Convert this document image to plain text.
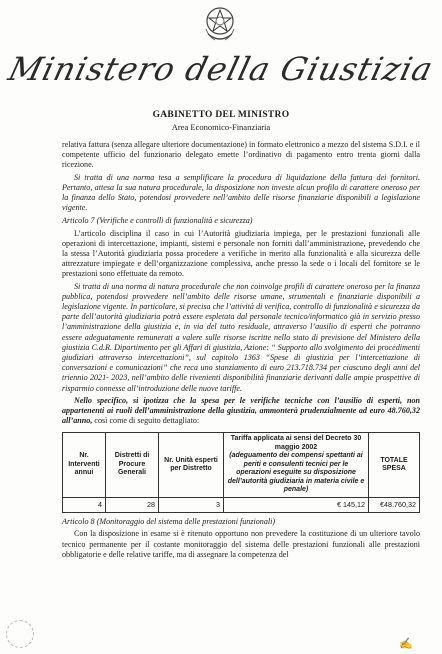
Ministero della Giustizia
GABINETTO DEL MINISTRO
Area Economico-Finanziaria

relativa fattura (senza allegare ulteriore documentazione) in formato elettronico a mezzo del sistema S.D.I. e il competente ufficio del funzionario delegato emette l’ordinativo di pagamento entro trenta giorni dalla ricezione.

Si tratta di una norma tesa a semplificare la procedura di liquidazione della fattura dei fornitori. Pertanto, attesa la sua natura procedurale, la disposizione non investe alcun profilo di carattere oneroso per la finanza dello Stato, potendosi provvedere nell’ambito delle risorse finanziarie disponibili a legislazione vigente.

Articolo 7 (Verifiche e controlli di funzionalità e sicurezza)

L’articolo disciplina il caso in cui l’Autorità giudiziaria impiega, per le prestazioni funzionali alle operazioni di intercettazione, impianti, sistemi e personale non forniti dall’amministrazione, prevedendo che la stessa l’Autorità giudiziaria possa procedere a verifiche in merito alla funzionalità e alla sicurezza delle attrezzature impiegate e dell’organizzazione complessiva, anche presso la sede o i locali del fornitore se le prestazioni sono effettuate da remoto.

Si tratta di una norma di natura procedurale che non coinvolge profili di carattere oneroso per la finanza pubblica, potendosi provvedere nell’ambito delle risorse umane, strumentali e finanziarie disponibili a legislazione vigente. In particolare, si precisa che l’attività di verifica, controllo di funzionalità e sicurezza da parte dell’autorità giudiziaria potrà essere espletata dal personale tecnico/informatico già in servizio presso l’amministrazione della giustizia e, in via del tutto residuale, attraverso l’ausilio di esperti che potranno essere adeguatamente remunerati a valere sulle risorse iscritte nello stato di previsione del Ministero della giustizia C.d.R. Dipartimento per gli Affari di giustizia, Azione: “ Supporto allo svolgimento dei procedimenti giudiziari attraverso intercettazioni”, sul capitolo 1363 “Spese di giustizia per l’intercettazione di conversazioni e comunicazioni” che reca uno stanziamento di euro 213.718.734 per ciascuno degli anni del triennio 2021- 2023, nell’ambito delle rivenienti disponibilità finanziarie derivanti dalle ampie prospettive di risparmio connesse all’introduzione delle nuove tariffe.

Nello specifico, si ipotizza che la spesa per le verifiche tecniche con l’ausilio di esperti, non appartenenti ai ruoli dell’amministrazione della giustizia, ammonterà prudenzialmente ad euro 48.760,32 all’anno, così come di seguito dettagliato:

Nr. Interventi annui	Distretti di Procure Generali	Nr. Unità esperti per Distretto	Tariffa applicata ai sensi del Decreto 30 maggio 2002
(adeguamento dei compensi spettanti ai periti e consulenti tecnici per le operazioni eseguite su disposizione dell’autorità giudiziaria in materia civile e penale)	TOTALE SPESA
4	28	3	€ 145,12	€48.760,32

Articolo 8 (Monitoraggio del sistema delle prestazioni funzionali)

Con la disposizione in esame si è ritenuto opportuno non prevedere la costituzione di un ulteriore tavolo tecnico permanente per il costante monitoraggio del sistema delle prestazioni funzionali alle prestazioni obbligatorie e delle relative tariffe, ma di assegnare la competenza del

✍
